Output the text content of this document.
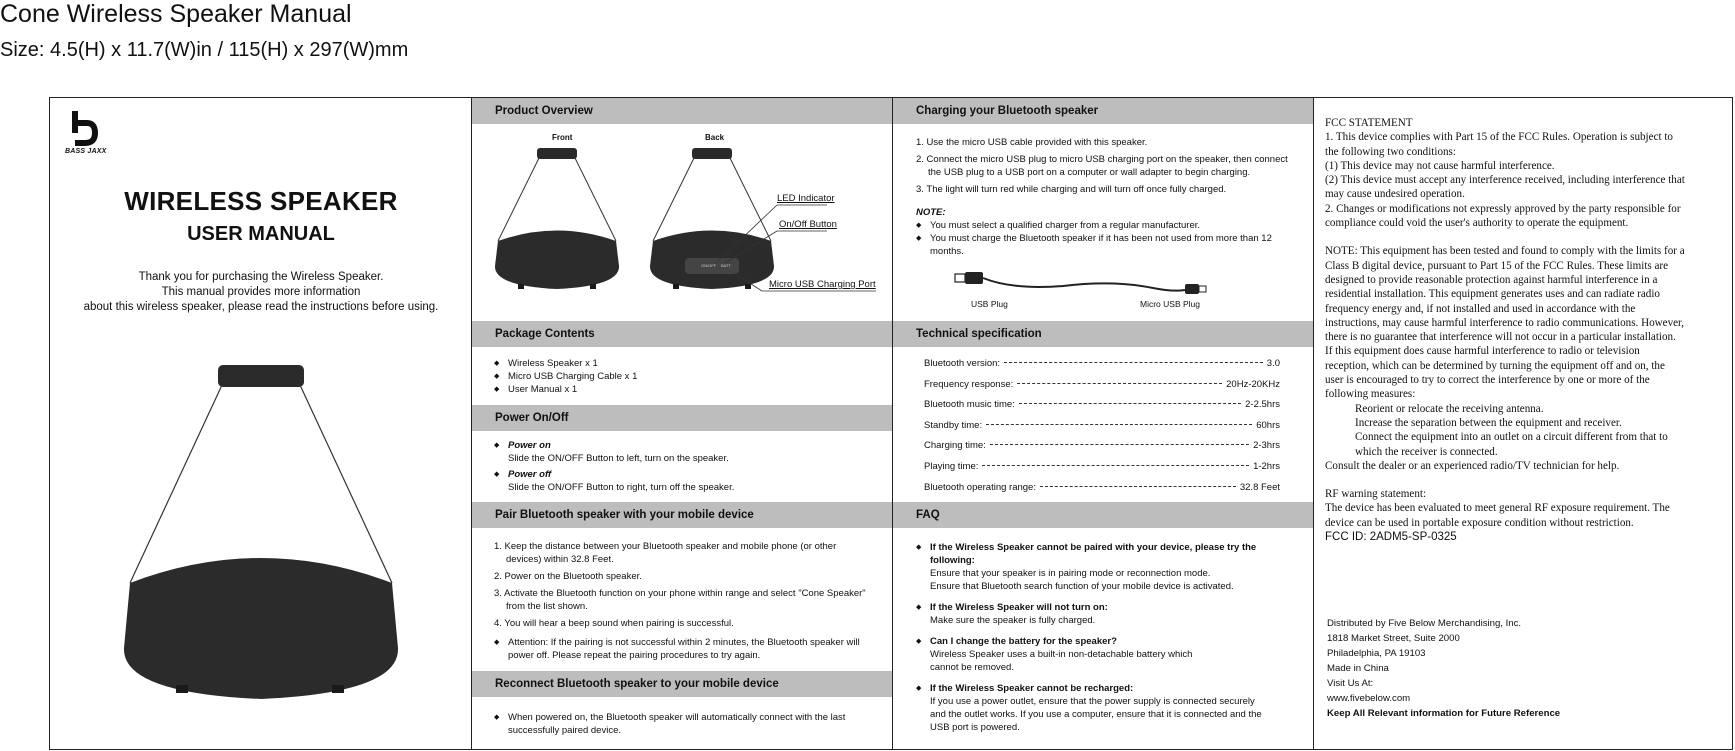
Cone Wireless Speaker Manual
Size: 4.5(H) x 11.7(W)in / 115(H) x 297(W)mm
BASS JAXX
WIRELESS SPEAKER
USER MANUAL
Thank you for purchasing the Wireless Speaker.
This manual provides more information
about this wireless speaker, please read the instructions before using.
Product Overview
Front	Back
ON/OFF BATT
LED Indicator
On/Off Button
Micro USB Charging Port
Package Contents
◆ Wireless Speaker x 1
◆ Micro USB Charging Cable x 1
◆ User Manual x 1
Power On/Off
◆ Power on
Slide the ON/OFF Button to left, turn on the speaker.
◆ Power off
Slide the ON/OFF Button to right, turn off the speaker.
Pair Bluetooth speaker with your mobile device
1. Keep the distance between your Bluetooth speaker and mobile phone (or other devices) within 32.8 Feet.
2. Power on the Bluetooth speaker.
3. Activate the Bluetooth function on your phone within range and select "Cone Speaker" from the list shown.
4. You will hear a beep sound when pairing is successful.
◆ Attention: If the pairing is not successful within 2 minutes, the Bluetooth speaker will power off. Please repeat the pairing procedures to try again.
Reconnect Bluetooth speaker to your mobile device
◆ When powered on, the Bluetooth speaker will automatically connect with the last successfully paired device.
Charging your Bluetooth speaker
1. Use the micro USB cable provided with this speaker.
2. Connect the micro USB plug to micro USB charging port on the speaker, then connect the USB plug to a USB port on a computer or wall adapter to begin charging.
3. The light will turn red while charging and will turn off once fully charged.
NOTE:
◆ You must select a qualified charger from a regular manufacturer.
◆ You must charge the Bluetooth speaker if it has been not used from more than 12 months.
USB Plug	Micro USB Plug
Technical specification
Bluetooth version:	3.0
Frequency response:	20Hz-20KHz
Bluetooth music time:	2-2.5hrs
Standby time:	60hrs
Charging time:	2-3hrs
Playing time:	1-2hrs
Bluetooth operating range:	32.8 Feet
FAQ
◆ If the Wireless Speaker cannot be paired with your device, please try the following:
Ensure that your speaker is in pairing mode or reconnection mode.
Ensure that Bluetooth search function of your mobile device is activated.
◆ If the Wireless Speaker will not turn on:
Make sure the speaker is fully charged.
◆ Can I change the battery for the speaker?
Wireless Speaker uses a built-in non-detachable battery which
cannot be removed.
◆ If the Wireless Speaker cannot be recharged:
If you use a power outlet, ensure that the power supply is connected securely
and the outlet works. If you use a computer, ensure that it is connected and the
USB port is powered.

FCC STATEMENT

1. This device complies with Part 15 of the FCC Rules. Operation is subject to the following two conditions:

(1) This device may not cause harmful interference.

(2) This device must accept any interference received, including interference that may cause undesired operation.

2. Changes or modifications not expressly approved by the party responsible for compliance could void the user's authority to operate the equipment.

NOTE: This equipment has been tested and found to comply with the limits for a Class B digital device, pursuant to Part 15 of the FCC Rules. These limits are designed to provide reasonable protection against harmful interference in a residential installation. This equipment generates uses and can radiate radio frequency energy and, if not installed and used in accordance with the instructions, may cause harmful interference to radio communications. However, there is no guarantee that interference will not occur in a particular installation. If this equipment does cause harmful interference to radio or television reception, which can be determined by turning the equipment off and on, the user is encouraged to try to correct the interference by one or more of the following measures:

Reorient or relocate the receiving antenna.

Increase the separation between the equipment and receiver.

Connect the equipment into an outlet on a circuit different from that to which the receiver is connected.

Consult the dealer or an experienced radio/TV technician for help.

RF warning statement:

The device has been evaluated to meet general RF exposure requirement. The device can be used in portable exposure condition without restriction.

FCC ID: 2ADM5-SP-0325
Distributed by Five Below Merchandising, Inc.
1818 Market Street, Suite 2000
Philadelphia, PA 19103
Made in China
Visit Us At:
www.fivebelow.com
Keep All Relevant information for Future Reference
